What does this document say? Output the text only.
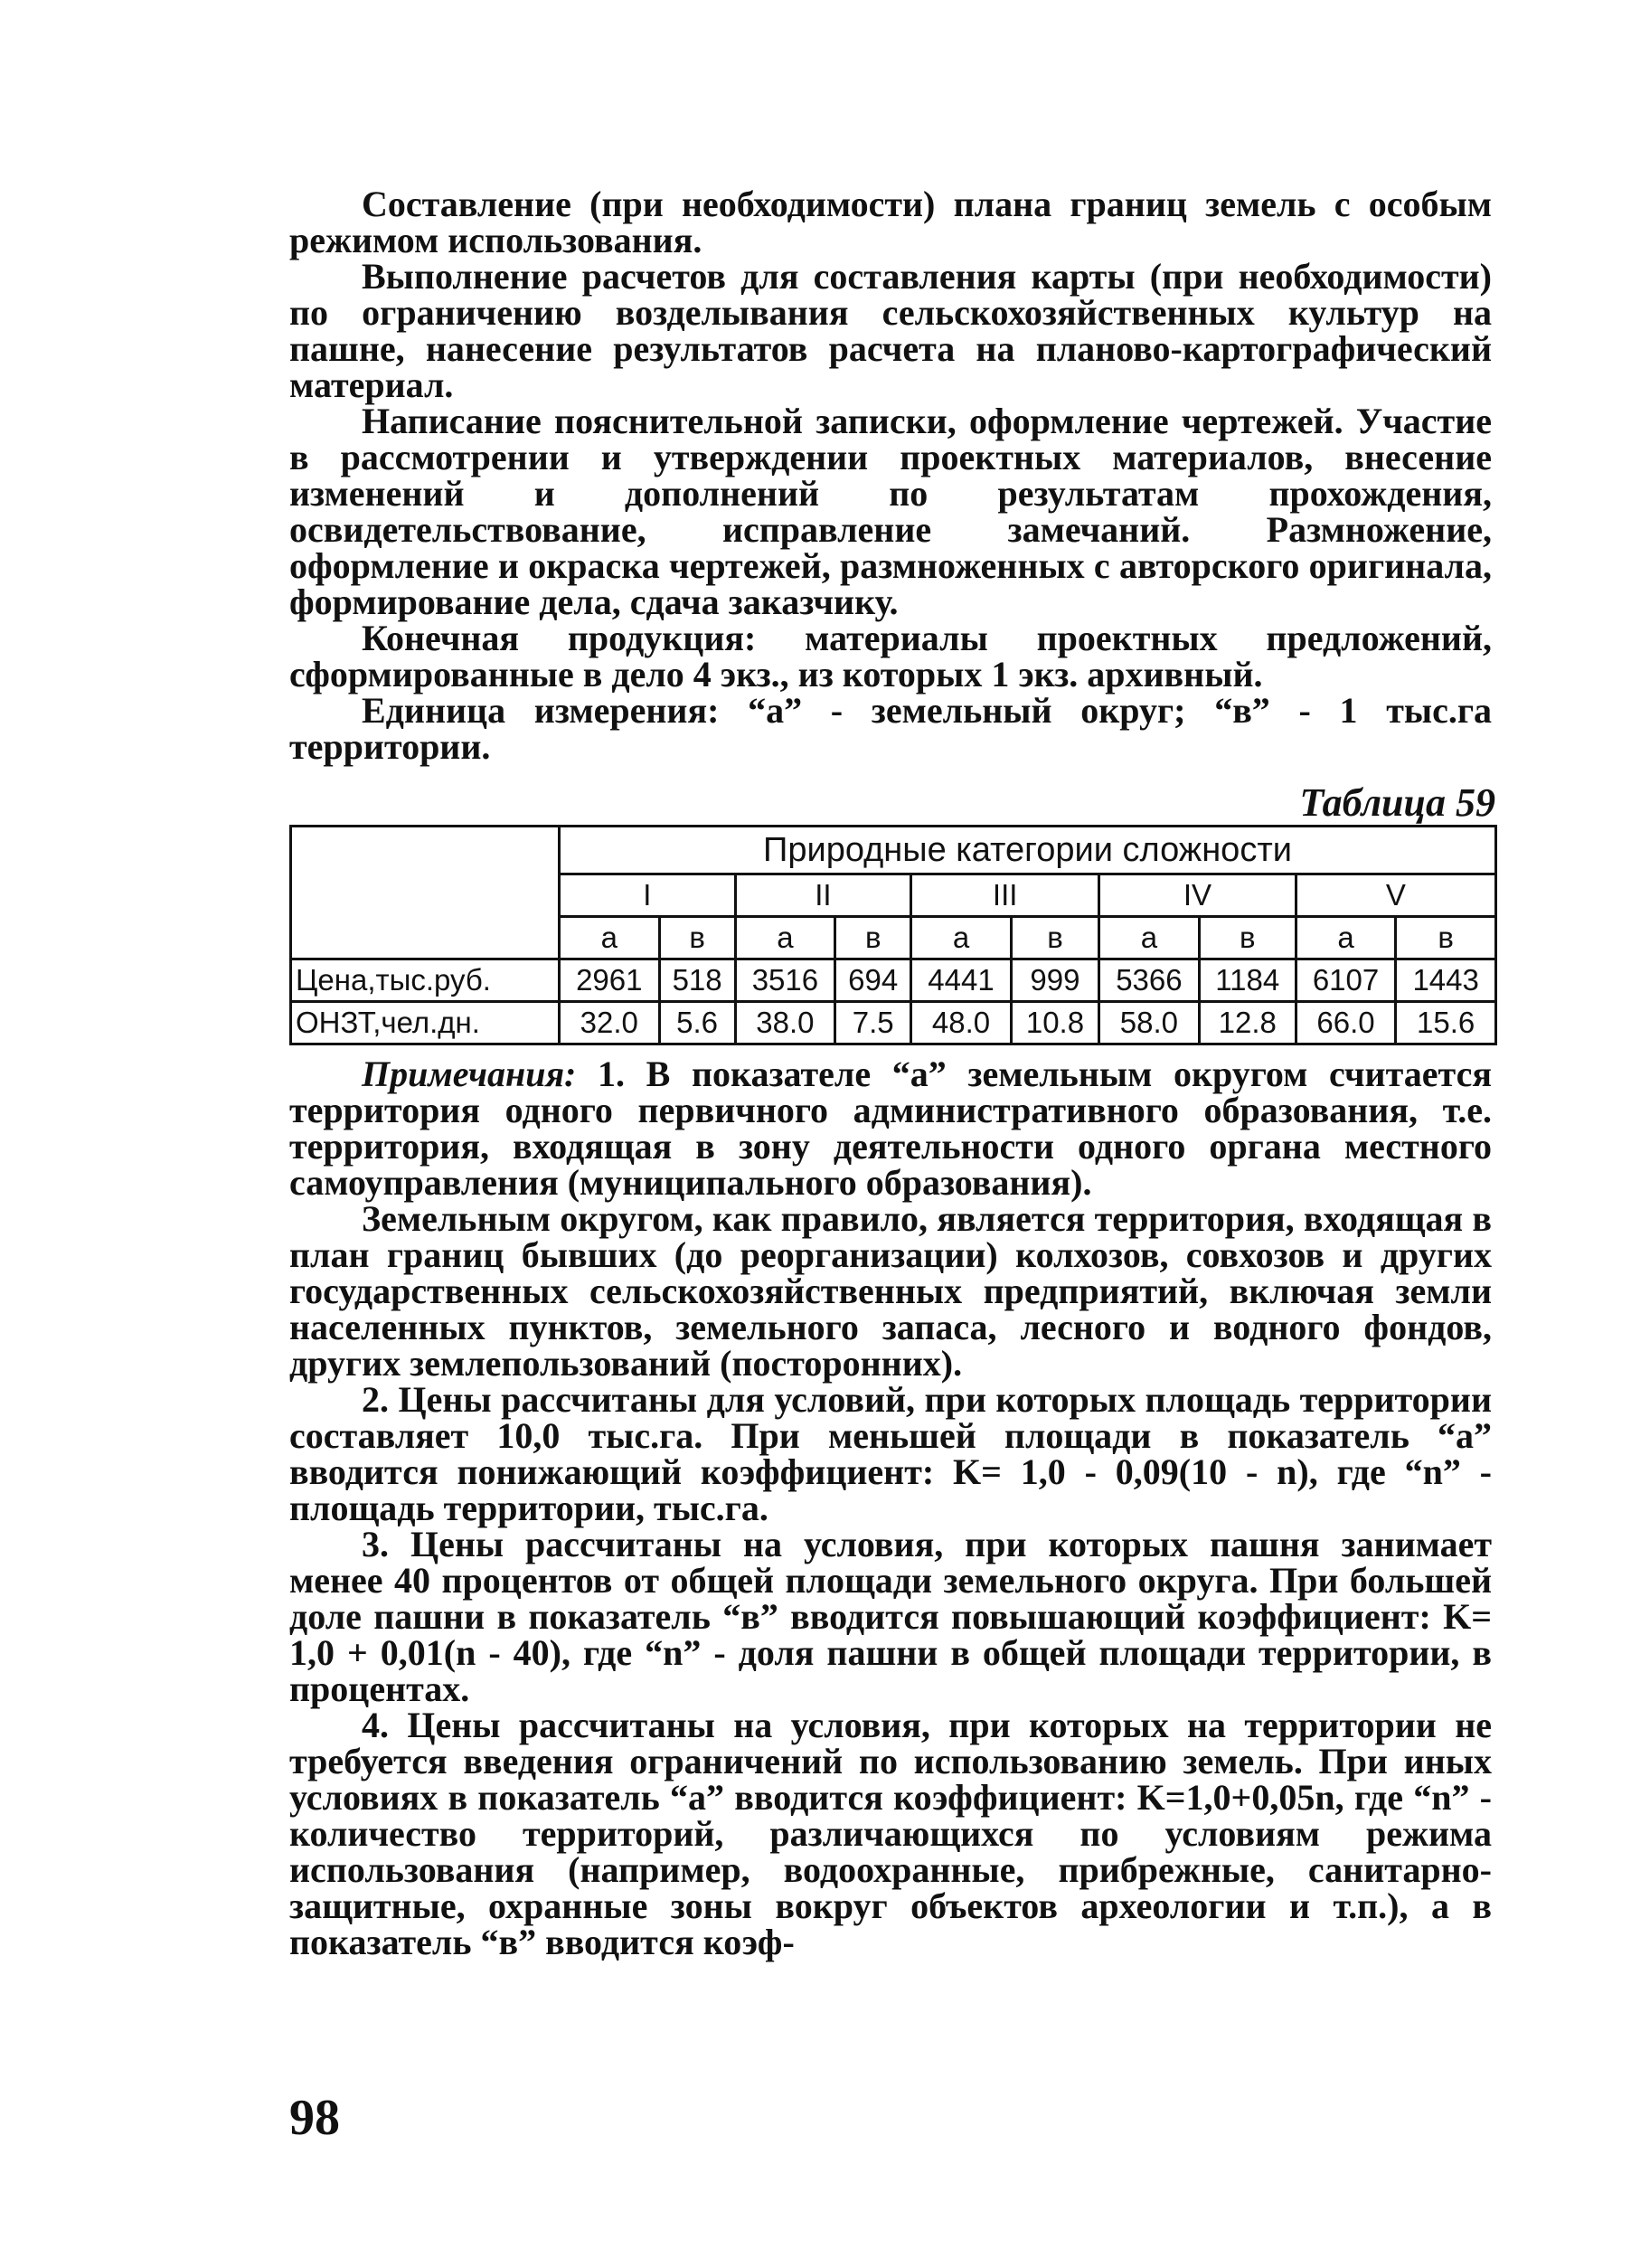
Составление (при необходимости) плана границ земель с особым режимом использования.

Выполнение расчетов для составления карты (при необходимости) по ограничению возделывания сельскохозяйственных культур на пашне, нанесение результатов расчета на планово-картографический материал.

Написание пояснительной записки, оформление чертежей. Участие в рассмотрении и утверждении проектных материалов, внесение изменений и дополнений по результатам прохождения, освидетельствование, исправление замечаний. Размножение, оформление и окраска чертежей, размноженных с авторского оригинала, формирование дела, сдача заказчику.

Конечная продукция: материалы проектных предложений, сформированные в дело 4 экз., из которых 1 экз. архивный.

Единица измерения: “а” - земельный округ; “в” - 1 тыс.га территории.

Таблица 59
	Природные категории сложности									
	I		II		III		IV		V	
	а	в	а	в	а	в	а	в	а	в
Цена,тыс.руб.	2961	518	3516	694	4441	999	5366	1184	6107	1443
ОНЗТ,чел.дн.	32.0	5.6	38.0	7.5	48.0	10.8	58.0	12.8	66.0	15.6

Примечания: 1. В показателе “а” земельным округом считается территория одного первичного административного образования, т.е. территория, входящая в зону деятельности одного органа местного самоуправления (муниципального образования).

Земельным округом, как правило, является территория, входящая в план границ бывших (до реорганизации) колхозов, совхозов и других государственных сельскохозяйственных предприятий, включая земли населенных пунктов, земельного запаса, лесного и водного фондов, других землепользований (посторонних).

2. Цены рассчитаны для условий, при которых площадь территории составляет 10,0 тыс.га. При меньшей площади в показатель “а” вводится понижающий коэффициент: K= 1,0 - 0,09(10 - n), где “n” - площадь территории, тыс.га.

3. Цены рассчитаны на условия, при которых пашня занимает менее 40 процентов от общей площади земельного округа. При большей доле пашни в показатель “в” вводится повышающий коэффициент: K= 1,0 + 0,01(n - 40), где “n” - доля пашни в общей площади территории, в процентах.

4. Цены рассчитаны на условия, при которых на территории не требуется введения ограничений по использованию земель. При иных условиях в показатель “а” вводится коэффициент: K=1,0+0,05n, где “n” - количество территорий, различающихся по условиям режима использования (например, водоохранные, прибрежные, санитарно-защитные, охранные зоны вокруг объектов археологии и т.п.), а в показатель “в” вводится коэф-

98
